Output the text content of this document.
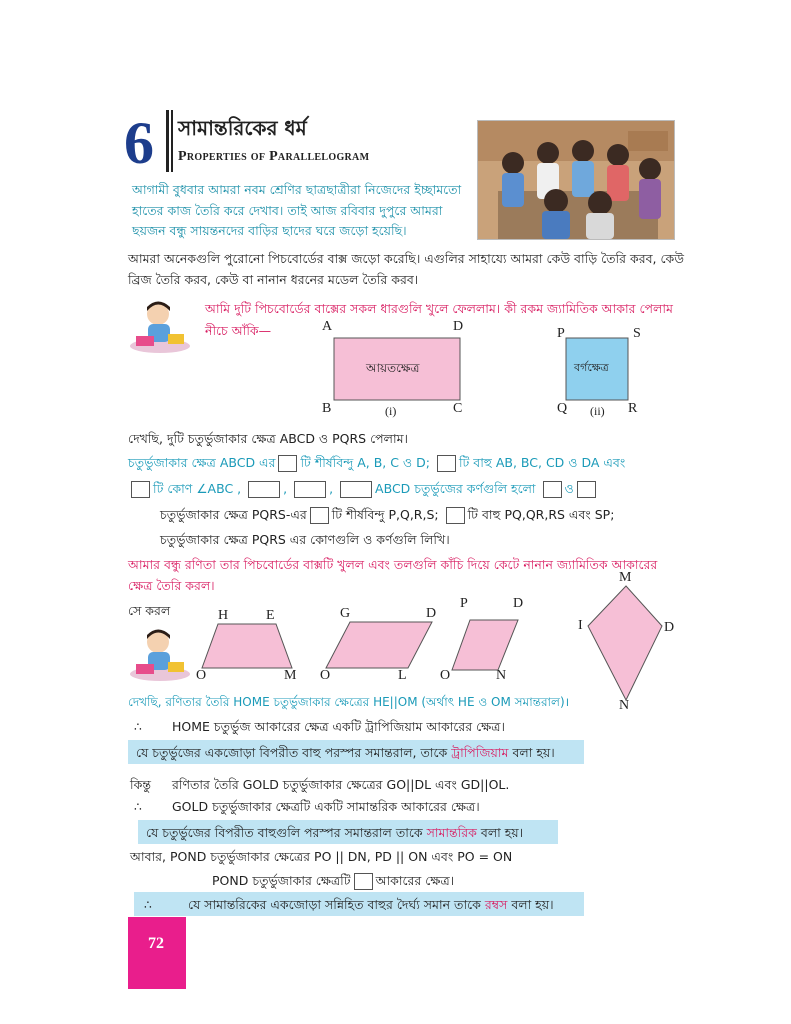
6 সামান্তরিকের ধর্ম
Properties of Parallelogram
আগামী বুধবার আমরা নবম শ্রেণির ছাত্রছাত্রীরা নিজেদের ইচ্ছামতো হাতের কাজ তৈরি করে দেখাব। তাই আজ রবিবার দুপুরে আমরা ছয়জন বন্ধু সায়ন্তনদের বাড়ির ছাদের ঘরে জড়ো হয়েছি।
আমরা অনেকগুলি পুরোনো পিচবোর্ডের বাক্স জড়ো করেছি। এগুলির সাহায্যে আমরা কেউ বাড়ি তৈরি করব, কেউ ব্রিজ তৈরি করব, কেউ বা নানান ধরনের মডেল তৈরি করব।
আমি দুটি পিচবোর্ডের বাক্সের সকল ধারগুলি খুলে ফেললাম। কী রকম জ্যামিতিক আকার পেলাম নীচে আঁকি—	A	D
B	C
(i)
আয়তক্ষেত্র
P	S
Q	R
(ii)
বর্গক্ষেত্র
দেখছি, দুটি চতুর্ভুজাকার ক্ষেত্র ABCD ও PQRS পেলাম।
চতুর্ভুজাকার ক্ষেত্র ABCD এর টি শীর্ষবিন্দু A, B, C ও D; টি বাহু AB, BC, CD ও DA এবং
টি কোণ ∠ABC ,	,	,	ABCD চতুর্ভুজের কর্ণগুলি হলো ও
চতুর্ভুজাকার ক্ষেত্র PQRS-এর টি শীর্ষবিন্দু P,Q,R,S; টি বাহু PQ,QR,RS এবং SP;
চতুর্ভুজাকার ক্ষেত্র PQRS এর কোণগুলি ও কর্ণগুলি লিখি।
আমার বন্ধু রণিতা তার পিচবোর্ডের বাক্সটি খুলল এবং তলগুলি কাঁচি দিয়ে কেটে নানান জ্যামিতিক আকারের ক্ষেত্র তৈরি করল।
সে করল	H	E
O	M
G	D
O	L
P	D
O	N
M
I	D
N
দেখছি, রণিতার তৈরি HOME চতুর্ভুজাকার ক্ষেত্রের HE||OM (অর্থাৎ HE ও OM সমান্তরাল)।
∴ HOME চতুর্ভুজ আকারের ক্ষেত্র একটি ট্রাপিজিয়াম আকারের ক্ষেত্র।
যে চতুর্ভুজের একজোড়া বিপরীত বাহু পরস্পর সমান্তরাল, তাকে ট্রাপিজিয়াম বলা হয়।
কিন্তু রণিতার তৈরি GOLD চতুর্ভুজাকার ক্ষেত্রের GO||DL এবং GD||OL.
∴ GOLD চতুর্ভুজাকার ক্ষেত্রটি একটি সামান্তরিক আকারের ক্ষেত্র।
যে চতুর্ভুজের বিপরীত বাহুগুলি পরস্পর সমান্তরাল তাকে সামান্তরিক বলা হয়।
আবার, POND চতুর্ভুজাকার ক্ষেত্রের PO || DN, PD || ON এবং PO = ON
POND চতুর্ভুজাকার ক্ষেত্রটি আকারের ক্ষেত্র।
∴	যে সামান্তরিকের একজোড়া সন্নিহিত বাহুর দৈর্ঘ্য সমান তাকে রম্বস বলা হয়।
72
